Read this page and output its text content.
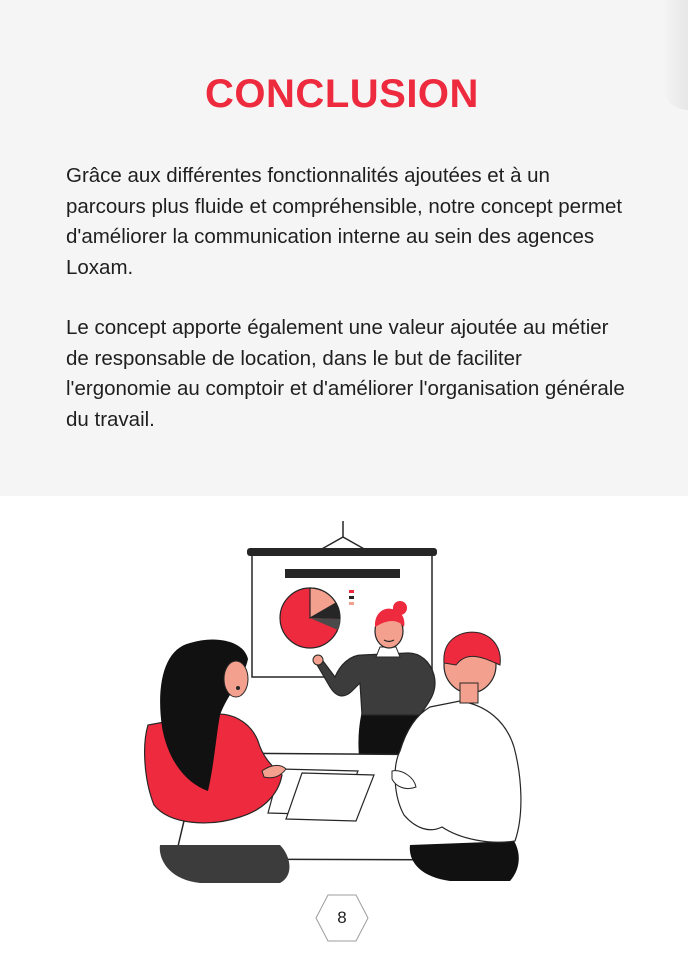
CONCLUSION

Grâce aux différentes fonctionnalités ajoutées et à un parcours plus fluide et compréhensible, notre concept permet d'améliorer la communication interne au sein des agences Loxam.

Le concept apporte également une valeur ajoutée au métier de responsable de location, dans le but de faciliter l'ergonomie au comptoir et d'améliorer l'organisation générale du travail.

8
